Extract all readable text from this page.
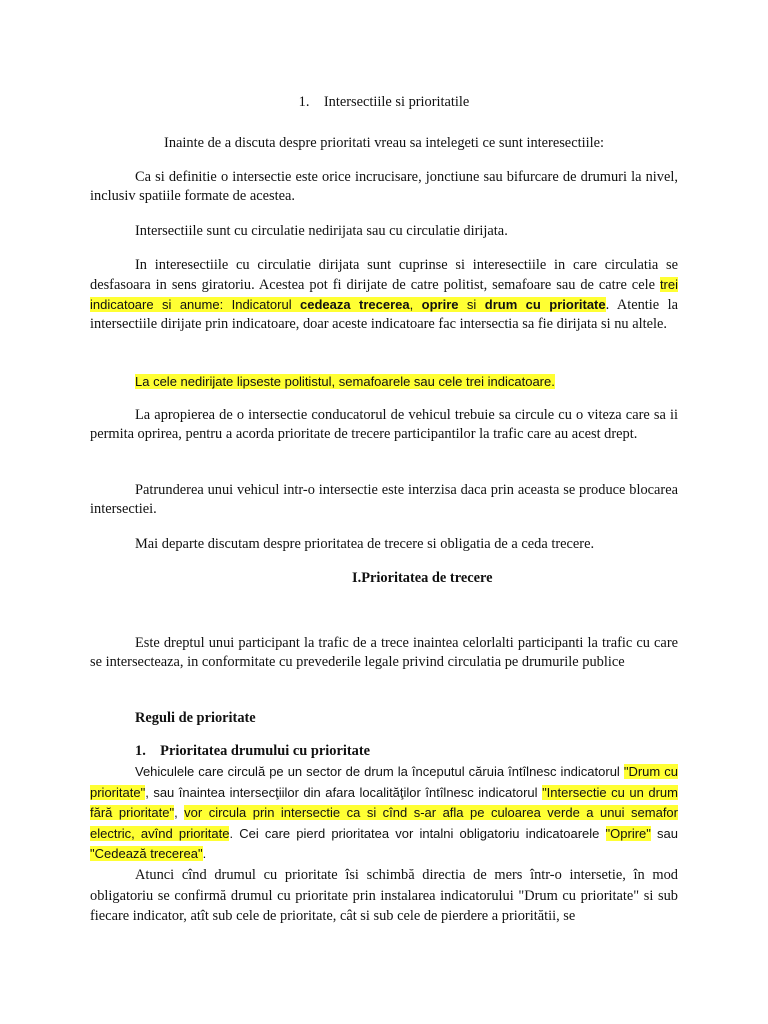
1. Intersectiile si prioritatile
Inainte de a discuta despre prioritati vreau sa intelegeti ce sunt interesectiile:
Ca si definitie o intersectie este orice incrucisare, jonctiune sau bifurcare de drumuri la nivel, inclusiv spatiile formate de acestea.
Intersectiile sunt cu circulatie nedirijata sau cu circulatie dirijata.
In interesectiile cu circulatie dirijata sunt cuprinse si interesectiile in care circulatia se desfasoara in sens giratoriu. Acestea pot fi dirijate de catre politist, semafoare sau de catre cele trei indicatoare si anume: Indicatorul cedeaza trecerea, oprire si drum cu prioritate. Atentie la intersectiile dirijate prin indicatoare, doar aceste indicatoare fac intersectia sa fie dirijata si nu altele.
La cele nedirijate lipseste politistul, semafoarele sau cele trei indicatoare.
La apropierea de o intersectie conducatorul de vehicul trebuie sa circule cu o viteza care sa ii permita oprirea, pentru a acorda prioritate de trecere participantilor la trafic care au acest drept.
Patrunderea unui vehicul intr-o intersectie este interzisa daca prin aceasta se produce blocarea intersectiei.
Mai departe discutam despre prioritatea de trecere si obligatia de a ceda trecere.
I.Prioritatea de trecere
Este dreptul unui participant la trafic de a trece inaintea celorlalti participanti la trafic cu care se intersecteaza, in conformitate cu prevederile legale privind circulatia pe drumurile publice
Reguli de prioritate
1. Prioritatea drumului cu prioritate
Vehiculele care circulă pe un sector de drum la începutul căruia întîlnesc indicatorul "Drum cu prioritate", sau înaintea intersecţiilor din afara localităţilor întîlnesc indicatorul "Intersectie cu un drum fără prioritate", vor circula prin intersectie ca si cînd s-ar afla pe culoarea verde a unui semafor electric, avînd prioritate. Cei care pierd prioritatea vor intalni obligatoriu indicatoarele "Oprire" sau "Cedează trecerea".
Atunci cînd drumul cu prioritate îsi schimbă directia de mers într-o intersetie, în mod obligatoriu se confirmă drumul cu prioritate prin instalarea indicatorului "Drum cu prioritate" si sub fiecare indicator, atît sub cele de prioritate, cât si sub cele de pierdere a prioritătii, se
